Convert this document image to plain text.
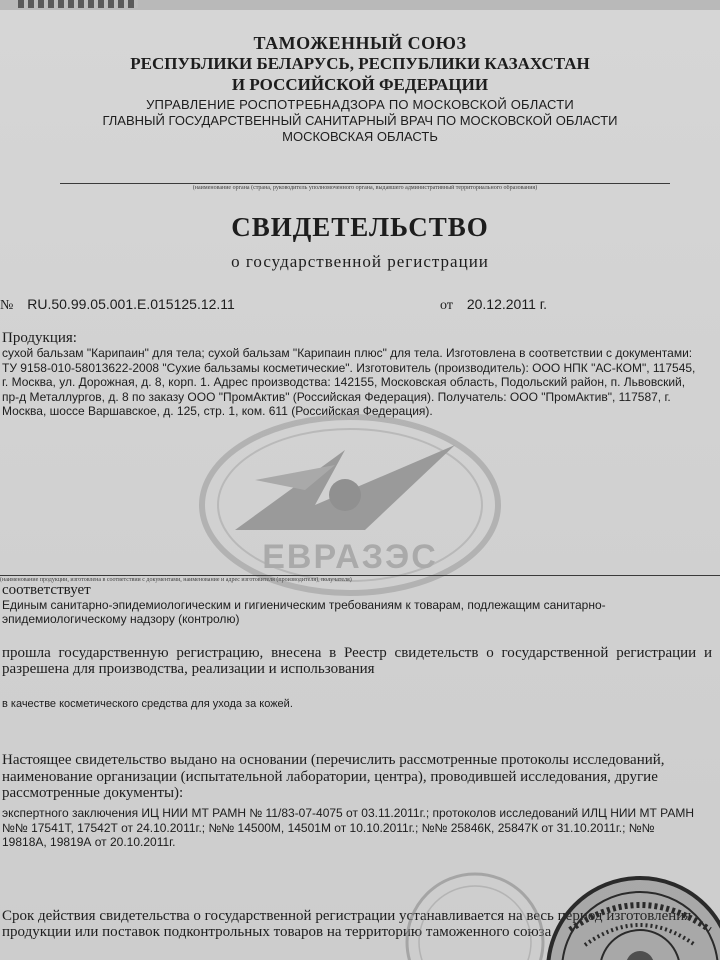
ТАМОЖЕННЫЙ СОЮЗ
РЕСПУБЛИКИ БЕЛАРУСЬ, РЕСПУБЛИКИ КАЗАХСТАН
И РОССИЙСКОЙ ФЕДЕРАЦИИ
УПРАВЛЕНИЕ РОСПОТРЕБНАДЗОРА ПО МОСКОВСКОЙ ОБЛАСТИ
ГЛАВНЫЙ ГОСУДАРСТВЕННЫЙ САНИТАРНЫЙ ВРАЧ ПО МОСКОВСКОЙ ОБЛАСТИ
МОСКОВСКАЯ ОБЛАСТЬ
(наименование органа (страна, руководитель уполномоченного органа, выдавшего административный территориального образования)
СВИДЕТЕЛЬСТВО
о государственной регистрации
№ RU.50.99.05.001.Е.015125.12.11	от 20.12.2011 г.
ЕВРАЗЭС
Продукция:
сухой бальзам "Карипаин" для тела; сухой бальзам "Карипаин плюс" для тела. Изготовлена в соответствии с документами: ТУ 9158-010-58013622-2008 "Сухие бальзамы косметические". Изготовитель (производитель): ООО НПК "АС-КОМ", 117545, г. Москва, ул. Дорожная, д. 8, корп. 1. Адрес производства: 142155, Московская область, Подольский район, п. Львовский, пр-д Металлургов, д. 8 по заказу ООО "ПромАктив" (Российская Федерация). Получатель: ООО "ПромАктив", 117587, г. Москва, шоссе Варшавское, д. 125, стр. 1, ком. 611 (Российская Федерация).
(наименование продукции, изготовлена в соответствии с документами, наименование и адрес изготовителя (производителя), получателя)
соответствует
Единым санитарно-эпидемиологическим и гигиеническим требованиям к товарам, подлежащим санитарно-эпидемиологическому надзору (контролю)
прошла государственную регистрацию, внесена в Реестр свидетельств о государственной регистрации и разрешена для производства, реализации и использования
в качестве косметического средства для ухода за кожей.
Настоящее свидетельство выдано на основании (перечислить рассмотренные протоколы исследований, наименование организации (испытательной лаборатории, центра), проводившей исследования, другие рассмотренные документы):
экспертного заключения ИЦ НИИ МТ РАМН № 11/83-07-4075 от 03.11.2011г.; протоколов исследований ИЛЦ НИИ МТ РАМН №№ 17541Т, 17542Т от 24.10.2011г.; №№ 14500М, 14501М от 10.10.2011г.; №№ 25846К, 25847К от 31.10.2011г.; №№ 19818А, 19819А от 20.10.2011г.
Срок действия свидетельства о государственной регистрации устанавливается на весь период изготовления продукции или поставок подконтрольных товаров на территорию таможенного союза
